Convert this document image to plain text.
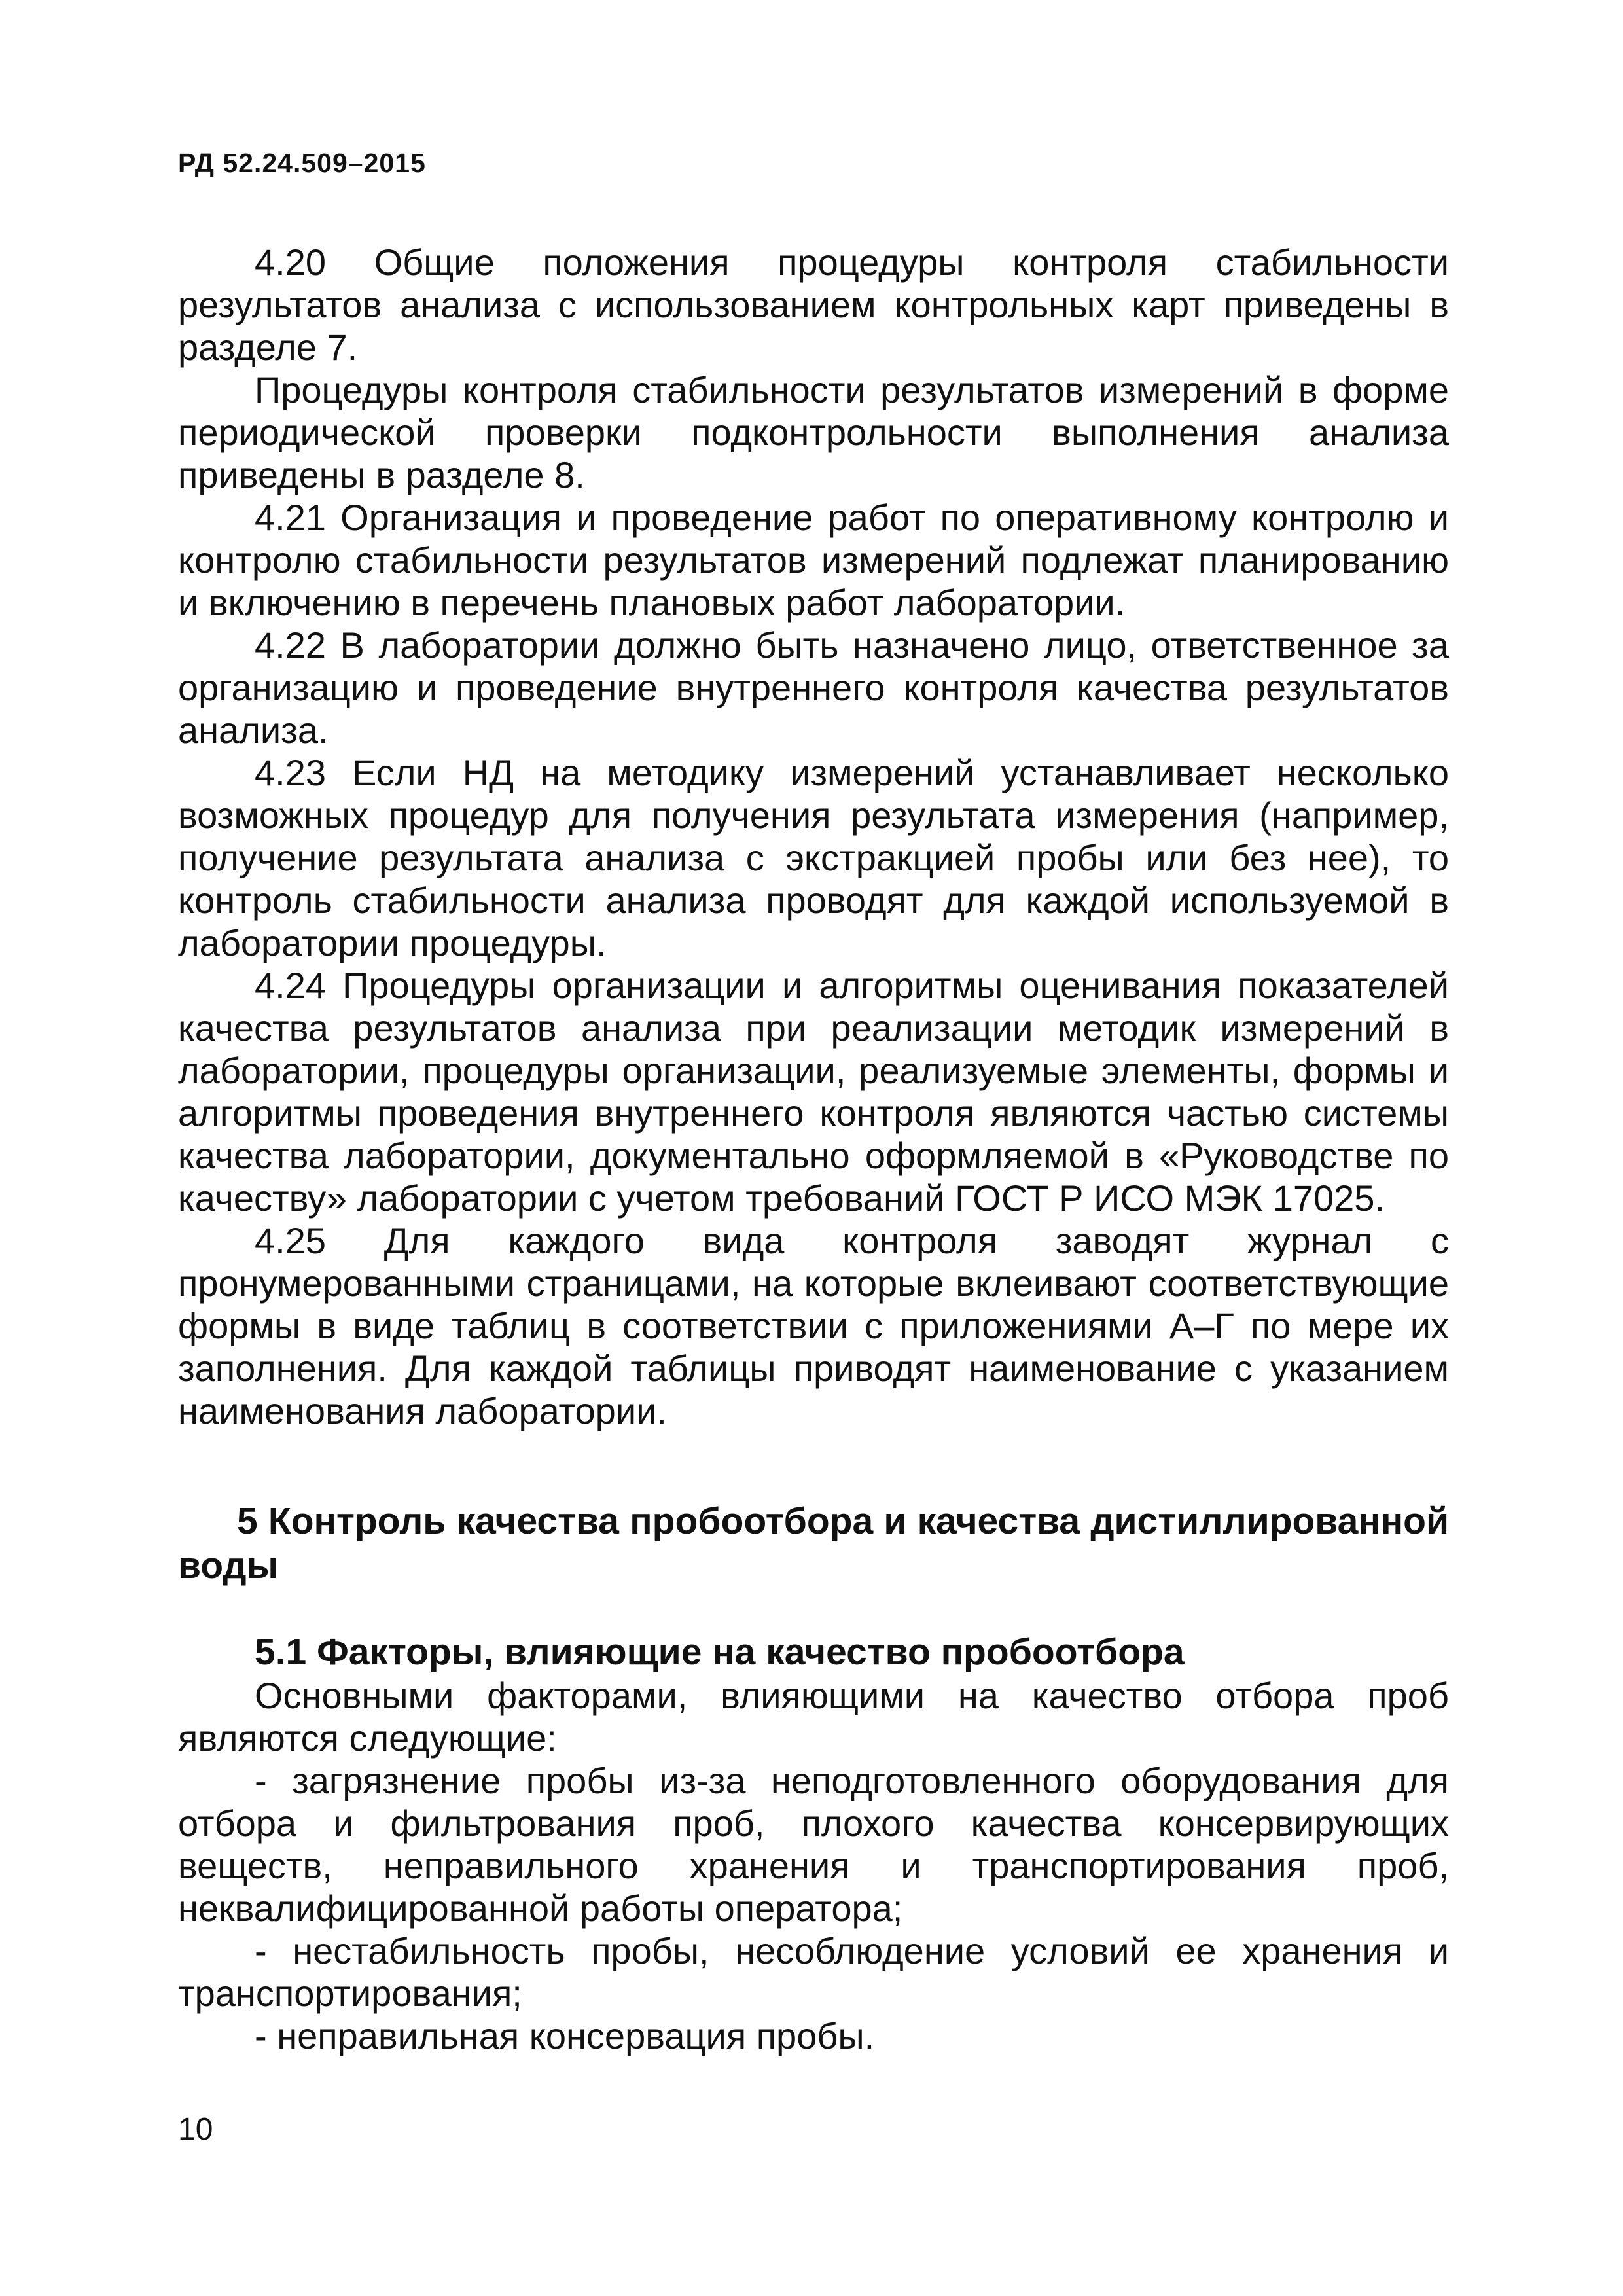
РД 52.24.509–2015

4.20 Общие положения процедуры контроля стабильности результатов анализа с использованием контрольных карт приведены в разделе 7.

Процедуры контроля стабильности результатов измерений в форме периодической проверки подконтрольности выполнения анализа приведены в разделе 8.

4.21 Организация и проведение работ по оперативному контролю и контролю стабильности результатов измерений подлежат планированию и включению в перечень плановых работ лаборатории.

4.22 В лаборатории должно быть назначено лицо, ответственное за организацию и проведение внутреннего контроля качества результатов анализа.

4.23 Если НД на методику измерений устанавливает несколько возможных процедур для получения результата измерения (например, получение результата анализа с экстракцией пробы или без нее), то контроль стабильности анализа проводят для каждой используемой в лаборатории процедуры.

4.24 Процедуры организации и алгоритмы оценивания показателей качества результатов анализа при реализации методик измерений в лаборатории, процедуры организации, реализуемые элементы, формы и алгоритмы проведения внутреннего контроля являются частью системы качества лаборатории, документально оформляемой в «Руководстве по качеству» лаборатории с учетом требований ГОСТ Р ИСО МЭК 17025.

4.25 Для каждого вида контроля заводят журнал с пронумерованными страницами, на которые вклеивают соответствующие формы в виде таблиц в соответствии с приложениями А–Г по мере их заполнения. Для каждой таблицы приводят наименование с указанием наименования лаборатории.

5 Контроль качества пробоотбора и качества дистиллированной воды
5.1 Факторы, влияющие на качество пробоотбора

Основными факторами, влияющими на качество отбора проб являются следующие:

- загрязнение пробы из-за неподготовленного оборудования для отбора и фильтрования проб, плохого качества консервирующих веществ, неправильного хранения и транспортирования проб, неквалифицированной работы оператора;

- нестабильность пробы, несоблюдение условий ее хранения и транспортирования;

- неправильная консервация пробы.

10
